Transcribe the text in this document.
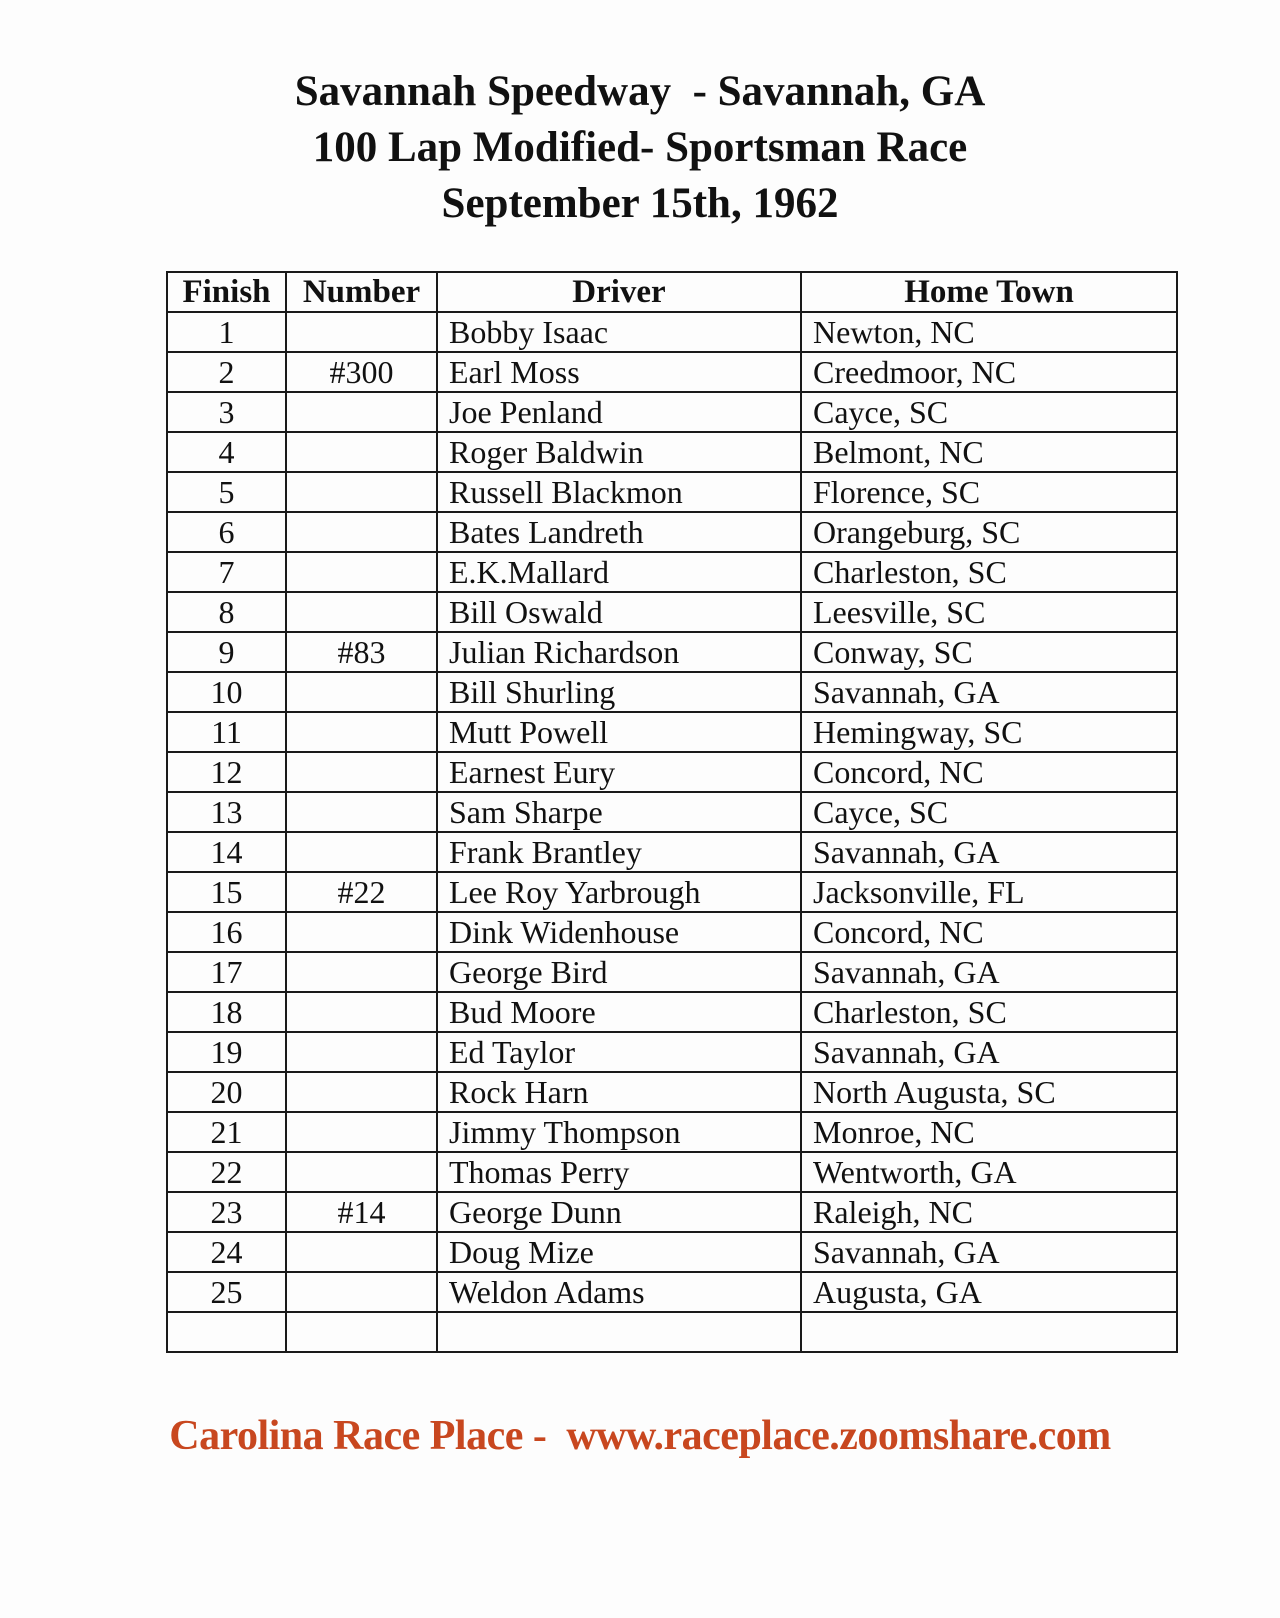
Savannah Speedway  - Savannah, GA
100 Lap Modified- Sportsman Race
September 15th, 1962
Finish	Number	Driver	Home Town
1		Bobby Isaac	Newton, NC
2	#300	Earl Moss	Creedmoor, NC
3		Joe Penland	Cayce, SC
4		Roger Baldwin	Belmont, NC
5		Russell Blackmon	Florence, SC
6		Bates Landreth	Orangeburg, SC
7		E.K.Mallard	Charleston, SC
8		Bill Oswald	Leesville, SC
9	#83	Julian Richardson	Conway, SC
10		Bill Shurling	Savannah, GA
11		Mutt Powell	Hemingway, SC
12		Earnest Eury	Concord, NC
13		Sam Sharpe	Cayce, SC
14		Frank Brantley	Savannah, GA
15	#22	Lee Roy Yarbrough	Jacksonville, FL
16		Dink Widenhouse	Concord, NC
17		George Bird	Savannah, GA
18		Bud Moore	Charleston, SC
19		Ed Taylor	Savannah, GA
20		Rock Harn	North Augusta, SC
21		Jimmy Thompson	Monroe, NC
22		Thomas Perry	Wentworth, GA
23	#14	George Dunn	Raleigh, NC
24		Doug Mize	Savannah, GA
25		Weldon Adams	Augusta, GA

Carolina Race Place -  www.raceplace.zoomshare.com
